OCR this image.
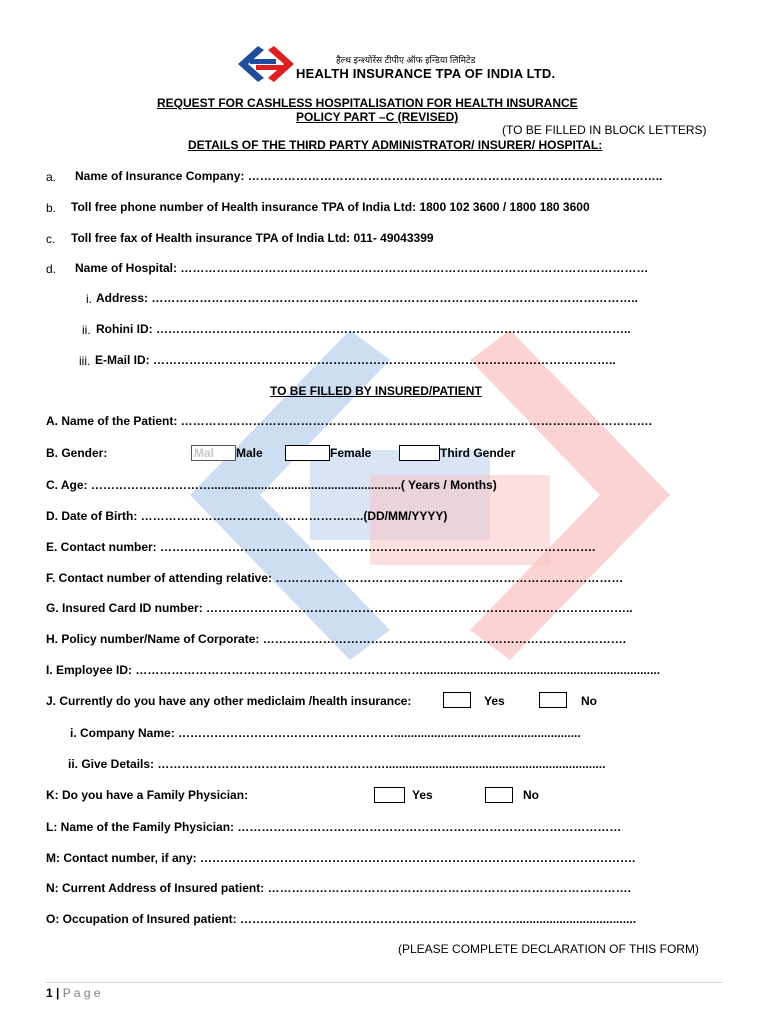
हैल्थ इन्श्योरेंस टीपीए ऑफ इन्डिया लिमिटेड
HEALTH INSURANCE TPA OF INDIA LTD.
REQUEST FOR CASHLESS HOSPITALISATION FOR HEALTH INSURANCE
POLICY PART –C (REVISED)
(TO BE FILLED IN BLOCK LETTERS)
DETAILS OF THE THIRD PARTY ADMINISTRATOR/ INSURER/ HOSPITAL:
a. Name of Insurance Company: …………………………………………………………………………………………..
b. Toll free phone number of Health insurance TPA of India Ltd: 1800 102 3600 / 1800 180 3600
c. Toll free fax of Health insurance TPA of India Ltd: 011- 49043399
d. Name of Hospital: ………………………………………………………………………………………………………
i. Address: …………………………………………………………………………………………………………..
ii. Rohini ID: ………………………………………………………………………………………………………..
iii. E-Mail ID: ……………………………………………………………………………………………………..
TO BE FILLED BY INSURED/PATIENT
A. Name of the Patient: ……………………………………………………………………………………………………….
B. Gender:	Mal Male	Female	Third Gender
C. Age: ………………………….........................................................( Years / Months)
D. Date of Birth: ………………………………………………..(DD/MM/YYYY)
E. Contact number: ……………………………………………………………………………………………….
F. Contact number of attending relative: ……………………………………………………………………………
G. Insured Card ID number: ……………………………………………………………………………………………..
H. Policy number/Name of Corporate: ……………………………………………………………………………….
I. Employee ID: ……………………………………………………………….......................................................................
J. Currently do you have any other mediclaim /health insurance:	Yes	No
i. Company Name: ………………………………………………........................................................
ii. Give Details: …………………………………………………..................................................................
K: Do you have a Family Physician:	Yes	No
L: Name of the Family Physician: ……………………………………………………………………………………
M: Contact number, if any: ……………………………………………………………………………………………….
N: Current Address of Insured patient: ……………………………………………………………………………….
O: Occupation of Insured patient: ……………………………………………………………....................................
(PLEASE COMPLETE DECLARATION OF THIS FORM)
1 | P a g e
